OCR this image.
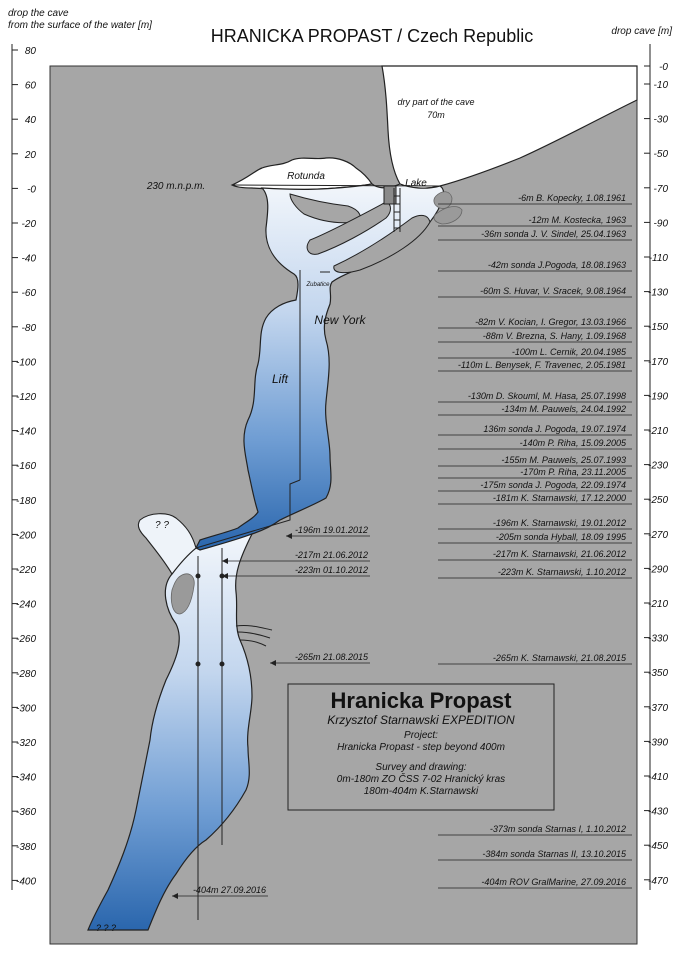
dry part of the cave
70m
Rotunda
Lake
230 m.n.p.m.
Zubatice
New York
Lift
? ?
? ? ?
HRANICKA PROPAST / Czech Republic
drop the cave
from the surface of the water [m]
drop cave [m]
80
60
40
20
-0
-20
-40
-60
-80
-100
-120
-140
-160
-180
-200
-220
-240
-260
-280
-300
-320
-340
-360
-380
-400
-0
-10
-30
-50
-70
-90
-110
-130
-150
-170
-190
-210
-230
-250
-270
-290
-210
-330
-350
-370
-390
-410
-430
-450
-470
-6m B. Kopecky, 1.08.1961
-12m M. Kostecka, 1963
-36m sonda J. V. Sindel, 25.04.1963
-42m sonda J.Pogoda, 18.08.1963
-60m S. Huvar, V. Sracek, 9.08.1964
-82m V. Kocian, I. Gregor, 13.03.1966
-88m V. Brezna, S. Hany, 1.09.1968
-100m L. Cernik, 20.04.1985
-110m L. Benysek, F. Travenec, 2.05.1981
-130m D. Skouml, M. Hasa, 25.07.1998
-134m M. Pauwels, 24.04.1992
136m sonda J. Pogoda, 19.07.1974
-140m P. Riha, 15.09.2005
-155m M. Pauwels, 25.07.1993
-170m P. Riha, 23.11.2005
-175m sonda J. Pogoda, 22.09.1974
-181m K. Starnawski, 17.12.2000
-196m K. Starnawski, 19.01.2012
-205m sonda Hyball, 18.09 1995
-217m K. Starnawski, 21.06.2012
-223m K. Starnawski, 1.10.2012
-265m K. Starnawski, 21.08.2015
-373m sonda Starnas I, 1.10.2012
-384m sonda Starnas II, 13.10.2015
-404m ROV GralMarine, 27.09.2016
-196m 19.01.2012
-217m 21.06.2012
-223m 01.10.2012
-265m 21.08.2015
-404m 27.09.2016
Hranicka Propast
Krzysztof Starnawski EXPEDITION
Project:
Hranicka Propast - step beyond 400m
Survey and drawing:
0m-180m ZO ČSS 7-02 Hranický kras
180m-404m K.Starnawski
